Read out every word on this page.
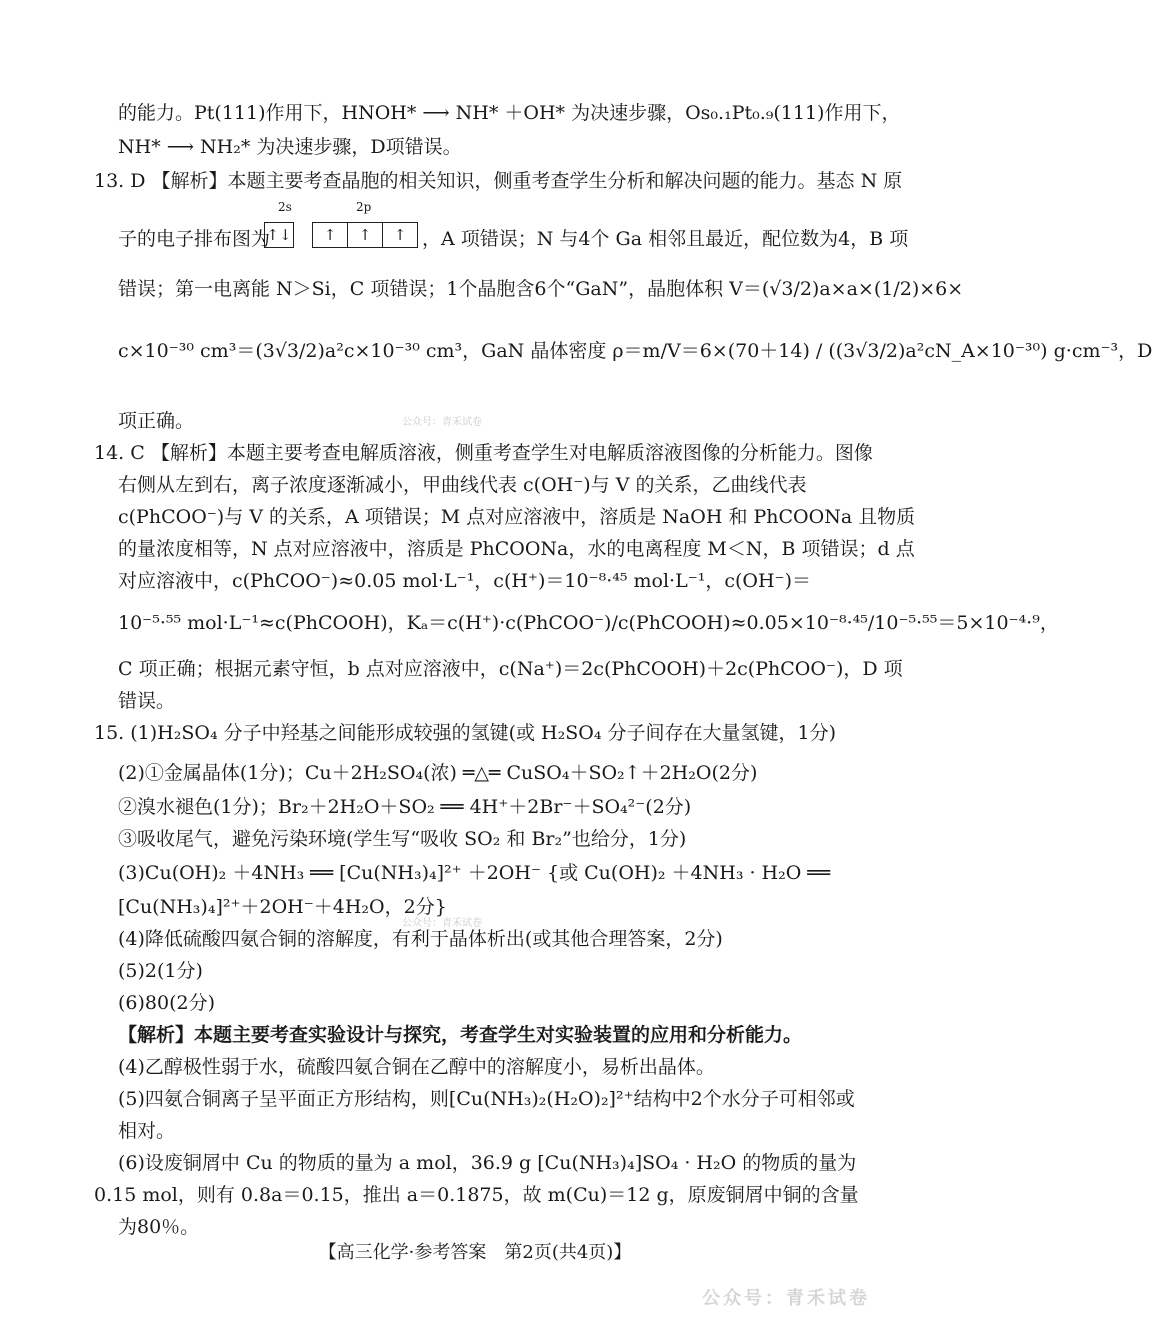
的能力。Pt(111)作用下，HNOH* ⟶ NH* ＋OH* 为决速步骤，Os₀.₁Pt₀.₉(111)作用下，
NH* ⟶ NH₂* 为决速步骤，D项错误。
13. D 【解析】本题主要考查晶胞的相关知识，侧重考查学生分析和解决问题的能力。基态 N 原
错误；第一电离能 N＞Si，C 项错误；1个晶胞含6个“GaN”，晶胞体积 V＝(√3/2)a×a×(1/2)×6×
c×10⁻³⁰ cm³＝(3√3/2)a²c×10⁻³⁰ cm³，GaN 晶体密度 ρ＝m/V＝6×(70＋14) / ((3√3/2)a²cN_A×10⁻³⁰) g·cm⁻³，D
项正确。
14. C 【解析】本题主要考查电解质溶液，侧重考查学生对电解质溶液图像的分析能力。图像
右侧从左到右，离子浓度逐渐减小，甲曲线代表 c(OH⁻)与 V 的关系，乙曲线代表
c(PhCOO⁻)与 V 的关系，A 项错误；M 点对应溶液中，溶质是 NaOH 和 PhCOONa 且物质
的量浓度相等，N 点对应溶液中，溶质是 PhCOONa，水的电离程度 M＜N，B 项错误；d 点
对应溶液中，c(PhCOO⁻)≈0.05 mol·L⁻¹，c(H⁺)＝10⁻⁸·⁴⁵ mol·L⁻¹，c(OH⁻)＝
10⁻⁵·⁵⁵ mol·L⁻¹≈c(PhCOOH)，Kₐ＝c(H⁺)·c(PhCOO⁻)/c(PhCOOH)≈0.05×10⁻⁸·⁴⁵/10⁻⁵·⁵⁵＝5×10⁻⁴·⁹，
C 项正确；根据元素守恒，b 点对应溶液中，c(Na⁺)＝2c(PhCOOH)＋2c(PhCOO⁻)，D 项
错误。
15. (1)H₂SO₄ 分子中羟基之间能形成较强的氢键(或 H₂SO₄ 分子间存在大量氢键，1分)
(2)①金属晶体(1分)；Cu＋2H₂SO₄(浓) ═△═ CuSO₄＋SO₂↑＋2H₂O(2分)
②溴水褪色(1分)；Br₂＋2H₂O＋SO₂ ══ 4H⁺＋2Br⁻＋SO₄²⁻(2分)
③吸收尾气，避免污染环境(学生写“吸收 SO₂ 和 Br₂”也给分，1分)
(3)Cu(OH)₂ ＋4NH₃ ══ [Cu(NH₃)₄]²⁺ ＋2OH⁻ {或 Cu(OH)₂ ＋4NH₃ · H₂O ══
[Cu(NH₃)₄]²⁺＋2OH⁻＋4H₂O，2分}
(4)降低硫酸四氨合铜的溶解度，有利于晶体析出(或其他合理答案，2分)
(5)2(1分)
(6)80(2分)
【解析】本题主要考查实验设计与探究，考查学生对实验装置的应用和分析能力。
(4)乙醇极性弱于水，硫酸四氨合铜在乙醇中的溶解度小，易析出晶体。
(5)四氨合铜离子呈平面正方形结构，则[Cu(NH₃)₂(H₂O)₂]²⁺结构中2个水分子可相邻或
相对。
(6)设废铜屑中 Cu 的物质的量为 a mol，36.9 g [Cu(NH₃)₄]SO₄ · H₂O 的物质的量为
0.15 mol，则有 0.8a＝0.15，推出 a＝0.1875，故 m(Cu)＝12 g，原废铜屑中铜的含量
为80％。
2s	2p
子的电子排布图为
↑↓	↑	↑	↑ ，A 项错误；N 与4个 Ga 相邻且最近，配位数为4，B 项
公众号：青禾试卷
公众号：青禾试卷
【高三化学·参考答案　第2页(共4页)】
公众号：青禾试卷
